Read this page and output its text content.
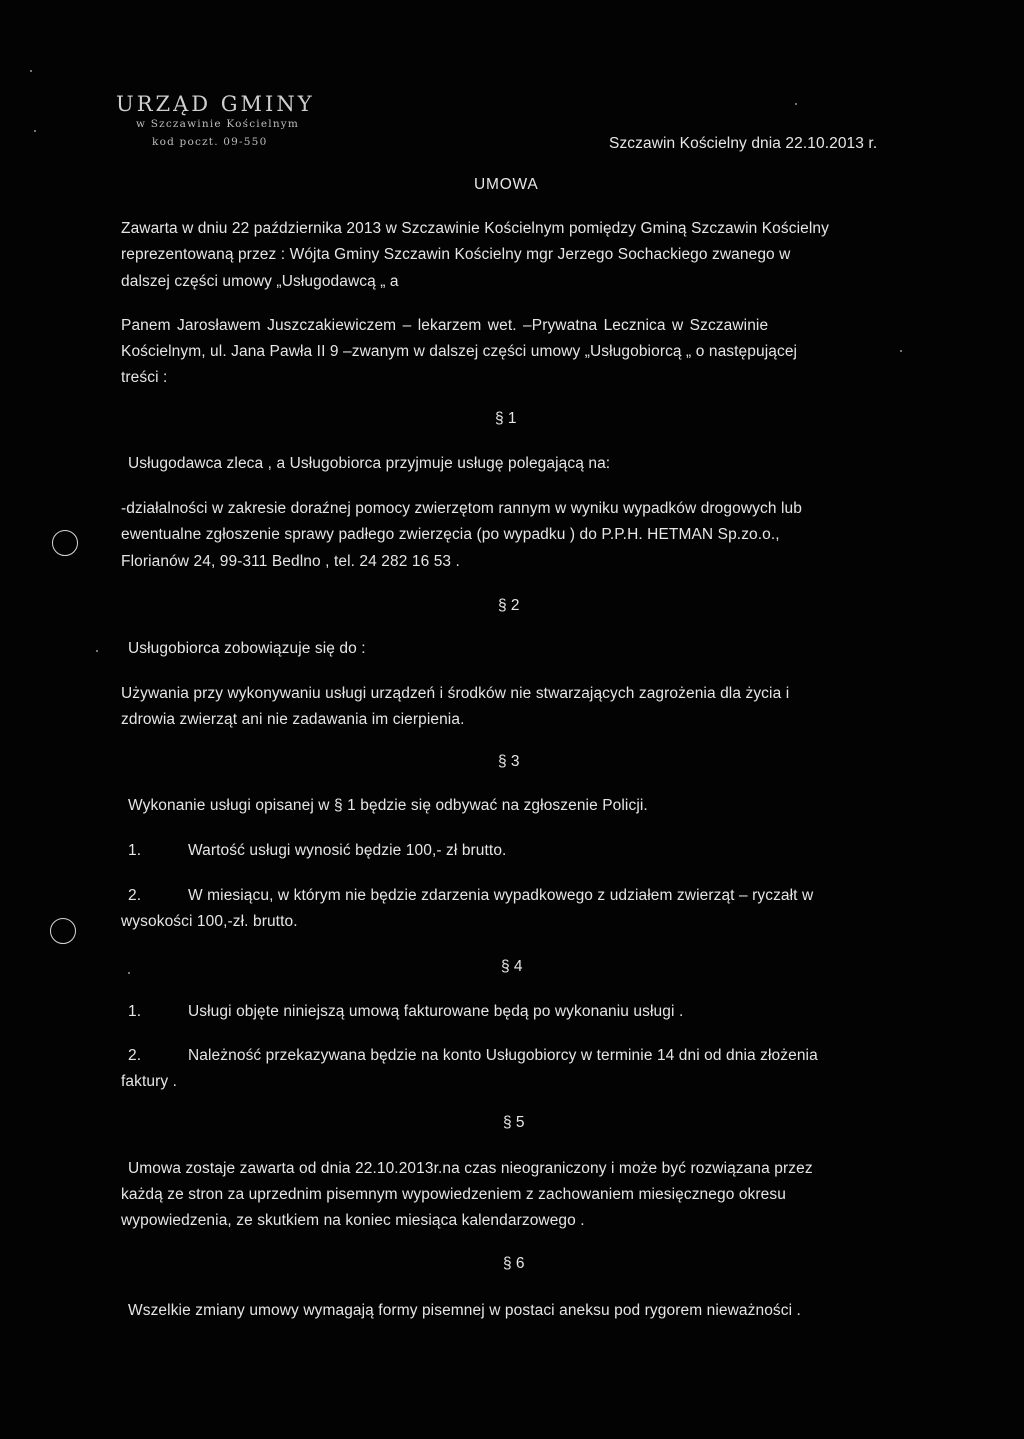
URZĄD GMINY
w Szczawinie Kościelnym
kod poczt. 09-550	Szczawin Kościelny dnia 22.10.2013 r.
UMOWA
Zawarta w dniu 22 października 2013 w Szczawinie Kościelnym pomiędzy Gminą Szczawin Kościelny
reprezentowaną przez : Wójta Gminy Szczawin Kościelny mgr Jerzego Sochackiego zwanego w
dalszej części umowy „Usługodawcą „ a
Panem Jarosławem Juszczakiewiczem – lekarzem wet. –Prywatna Lecznica w Szczawinie
Kościelnym, ul. Jana Pawła II 9 –zwanym w dalszej części umowy „Usługobiorcą „ o następującej
treści :
§ 1
Usługodawca zleca , a Usługobiorca przyjmuje usługę polegającą na:
-działalności w zakresie doraźnej pomocy zwierzętom rannym w wyniku wypadków drogowych lub
ewentualne zgłoszenie sprawy padłego zwierzęcia (po wypadku ) do P.P.H. HETMAN Sp.zo.o.,
Florianów 24, 99-311 Bedlno , tel. 24 282 16 53 .
§ 2
Usługobiorca zobowiązuje się do :
Używania przy wykonywaniu usługi urządzeń i środków nie stwarzających zagrożenia dla życia i
zdrowia zwierząt ani nie zadawania im cierpienia.
§ 3
Wykonanie usługi opisanej w § 1 będzie się odbywać na zgłoszenie Policji.
1.	Wartość usługi wynosić będzie 100,- zł brutto.
2.	W miesiącu, w którym nie będzie zdarzenia wypadkowego z udziałem zwierząt – ryczałt w
wysokości 100,-zł. brutto.
§ 4
1.	Usługi objęte niniejszą umową fakturowane będą po wykonaniu usługi .
2.	Należność przekazywana będzie na konto Usługobiorcy w terminie 14 dni od dnia złożenia
faktury .
§ 5
Umowa zostaje zawarta od dnia 22.10.2013r.na czas nieograniczony i może być rozwiązana przez
każdą ze stron za uprzednim pisemnym wypowiedzeniem z zachowaniem miesięcznego okresu
wypowiedzenia, ze skutkiem na koniec miesiąca kalendarzowego .
§ 6
Wszelkie zmiany umowy wymagają formy pisemnej w postaci aneksu pod rygorem nieważności .
